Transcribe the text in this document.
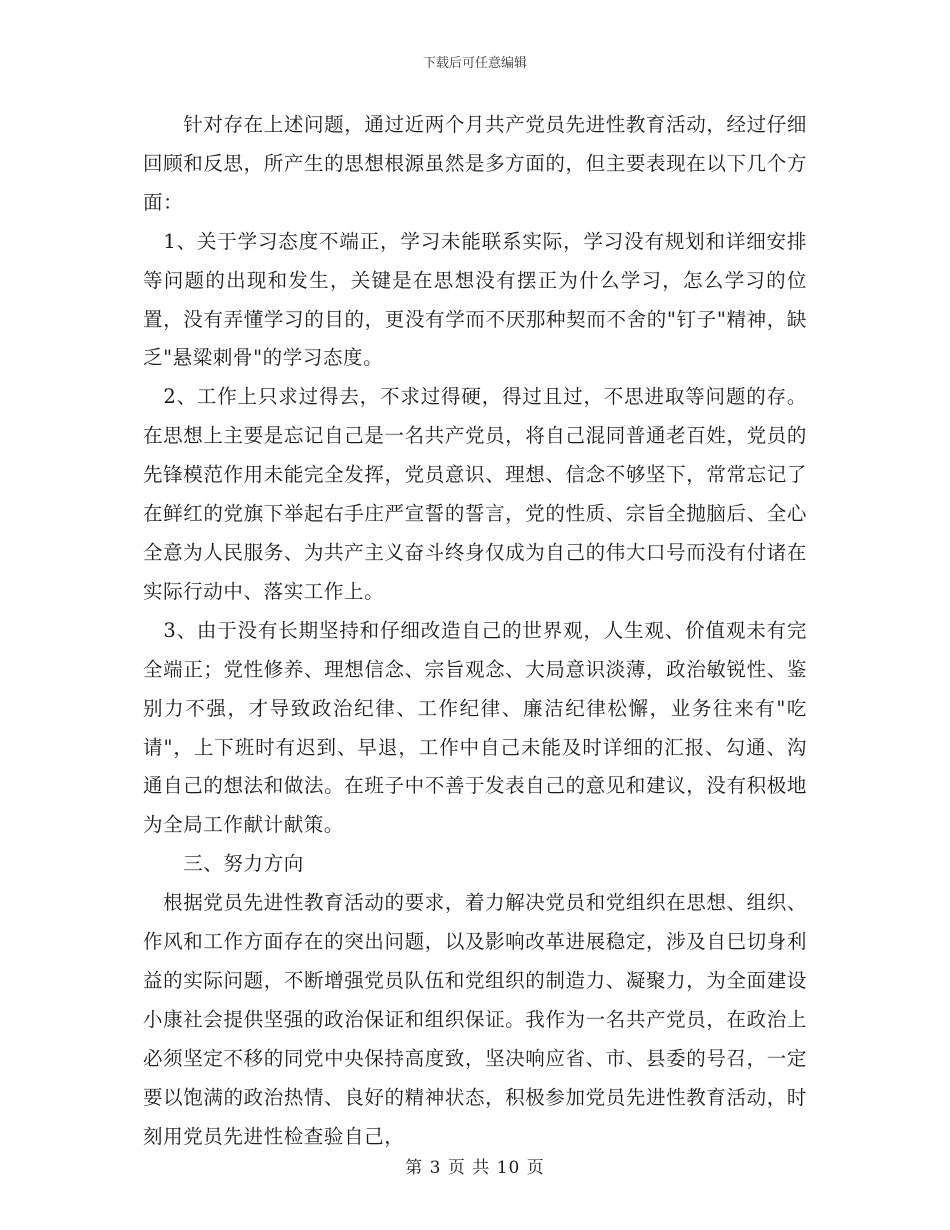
下载后可任意编辑

　　针对存在上述问题，通过近两个月共产党员先进性教育活动，经过仔细回顾和反思，所产生的思想根源虽然是多方面的，但主要表现在以下几个方面：

　1、关于学习态度不端正，学习未能联系实际，学习没有规划和详细安排等问题的出现和发生，关键是在思想没有摆正为什么学习，怎么学习的位置，没有弄懂学习的目的，更没有学而不厌那种契而不舍的"钉子"精神，缺乏"悬粱刺骨"的学习态度。

　2、工作上只求过得去，不求过得硬，得过且过，不思进取等问题的存。在思想上主要是忘记自己是一名共产党员，将自己混同普通老百姓，党员的先锋模范作用未能完全发挥，党员意识、理想、信念不够坚下，常常忘记了在鲜红的党旗下举起右手庄严宣誓的誓言，党的性质、宗旨全抛脑后、全心全意为人民服务、为共产主义奋斗终身仅成为自己的伟大口号而没有付诸在实际行动中、落实工作上。

　3、由于没有长期坚持和仔细改造自己的世界观，人生观、价值观未有完全端正；党性修养、理想信念、宗旨观念、大局意识淡薄，政治敏锐性、鉴别力不强，才导致政治纪律、工作纪律、廉洁纪律松懈，业务往来有"吃请"，上下班时有迟到、早退，工作中自己未能及时详细的汇报、勾通、沟通自己的想法和做法。在班子中不善于发表自己的意见和建议，没有积极地为全局工作献计献策。

　　三、努力方向

　根据党员先进性教育活动的要求，着力解决党员和党组织在思想、组织、作风和工作方面存在的突出问题，以及影响改革进展稳定，涉及自巳切身利益的实际问题，不断增强党员队伍和党组织的制造力、凝聚力，为全面建设小康社会提供坚强的政治保证和组织保证。我作为一名共产党员，在政治上必须坚定不移的同党中央保持高度致，坚决响应省、市、县委的号召，一定要以饱满的政治热情、良好的精神状态，积极参加党员先进性教育活动，时刻用党员先进性检查验自己，

第 3 页 共 10 页
